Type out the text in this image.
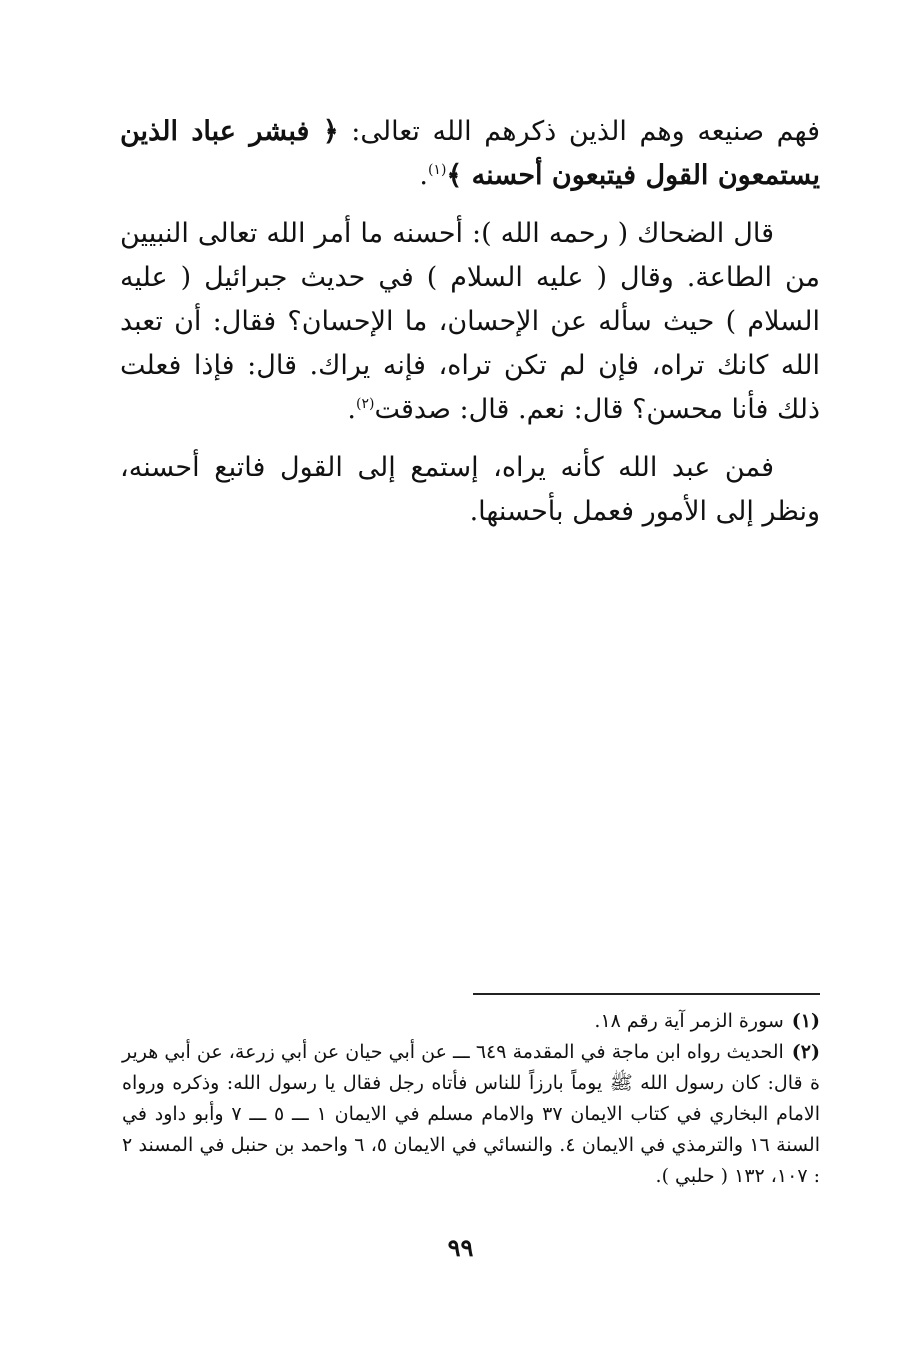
فهم صنيعه وهم الذين ذكرهم الله تعالى: ﴿ فبشر عباد الذين يستمعون القول فيتبعون أحسنه ﴾$^{(١)}$.

قال الضحاك ( رحمه الله ): أحسنه ما أمر الله تعالى النبيين من الطاعة. وقال ( عليه السلام ) في حديث جبرائيل ( عليه السلام ) حيث سأله عن الإحسان، ما الإحسان؟ فقال: أن تعبد الله كانك تراه، فإن لم تكن تراه، فإنه يراك. قال: فإذا فعلت ذلك فأنا محسن؟ قال: نعم. قال: صدقت$^{(٢)}$.

فمن عبد الله كأنه يراه، إستمع إلى القول فاتبع أحسنه، ونظر إلى الأمور فعمل بأحسنها.

(١)سورة الزمر آية رقم ١٨.

(٢)الحديث رواه ابن ماجة في المقدمة ٦٤٩ ـــ عن أبي حيان عن أبي زرعة، عن أبي هرير ة قال: كان رسول الله ﷺ يوماً بارزاً للناس فأتاه رجل فقال يا رسول الله: وذكره ورواه الامام البخاري في كتاب الايمان ٣٧ والامام مسلم في الايمان ١ ـــ ٥ ـــ ٧ وأبو داود في السنة ١٦ والترمذي في الايمان ٤. والنسائي في الايمان ٥، ٦ واحمد بن حنبل في المسند ٢ : ١٠٧، ١٣٢ ( حلبي ).

٩٩
